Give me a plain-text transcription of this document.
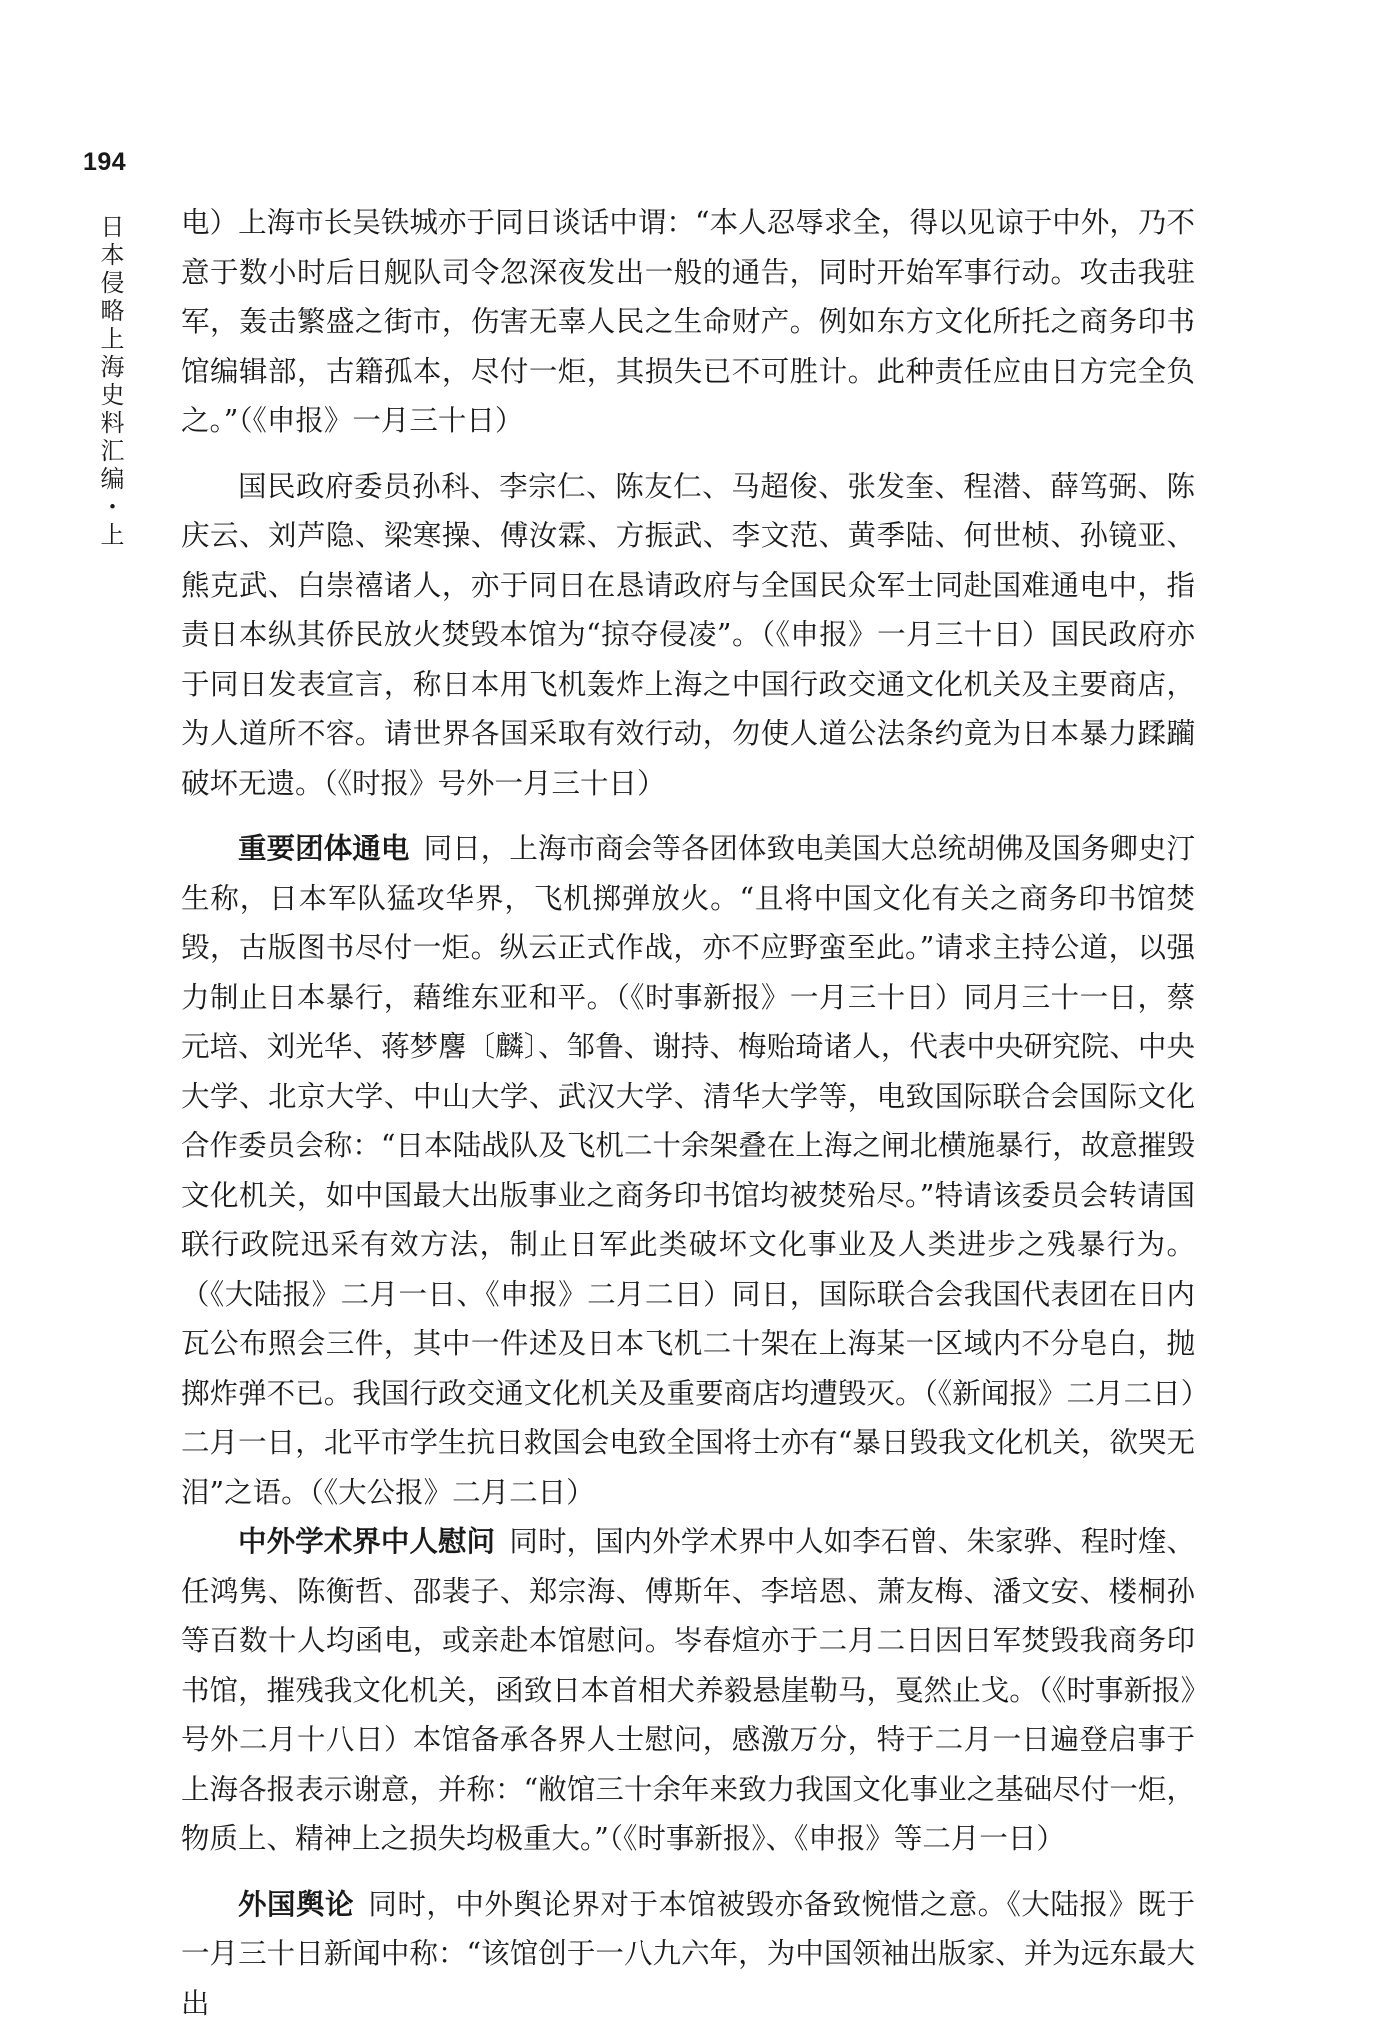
194
日本侵略上海史料汇编・上 电）上海市长吴铁城亦于同日谈话中谓：“本人忍辱求全，得以见谅于中外，乃不意于数小时后日舰队司令忽深夜发出一般的通告，同时开始军事行动。攻击我驻军，轰击繁盛之街市，伤害无辜人民之生命财产。例如东方文化所托之商务印书馆编辑部，古籍孤本，尽付一炬，其损失已不可胜计。此种责任应由日方完全负之。”（《申报》一月三十日）

国民政府委员孙科、李宗仁、陈友仁、马超俊、张发奎、程潜、薛笃弼、陈庆云、刘芦隐、梁寒操、傅汝霖、方振武、李文范、黄季陆、何世桢、孙镜亚、熊克武、白崇禧诸人，亦于同日在恳请政府与全国民众军士同赴国难通电中，指责日本纵其侨民放火焚毁本馆为“掠夺侵凌”。（《申报》一月三十日）国民政府亦于同日发表宣言，称日本用飞机轰炸上海之中国行政交通文化机关及主要商店，为人道所不容。请世界各国采取有效行动，勿使人道公法条约竟为日本暴力蹂躏破坏无遗。（《时报》号外一月三十日）

重要团体通电 同日，上海市商会等各团体致电美国大总统胡佛及国务卿史汀生称，日本军队猛攻华界，飞机掷弹放火。“且将中国文化有关之商务印书馆焚毁，古版图书尽付一炬。纵云正式作战，亦不应野蛮至此。”请求主持公道，以强力制止日本暴行，藉维东亚和平。（《时事新报》一月三十日）同月三十一日，蔡元培、刘光华、蒋梦麐〔麟〕、邹鲁、谢持、梅贻琦诸人，代表中央研究院、中央大学、北京大学、中山大学、武汉大学、清华大学等，电致国际联合会国际文化合作委员会称：“日本陆战队及飞机二十余架叠在上海之闸北横施暴行，故意摧毁文化机关，如中国最大出版事业之商务印书馆均被焚殆尽。”特请该委员会转请国联行政院迅采有效方法，制止日军此类破坏文化事业及人类进步之残暴行为。（《大陆报》二月一日、《申报》二月二日）同日，国际联合会我国代表团在日内瓦公布照会三件，其中一件述及日本飞机二十架在上海某一区域内不分皂白，抛掷炸弹不已。我国行政交通文化机关及重要商店均遭毁灭。（《新闻报》二月二日）二月一日，北平市学生抗日救国会电致全国将士亦有“暴日毁我文化机关，欲哭无泪”之语。（《大公报》二月二日）

中外学术界中人慰问 同时，国内外学术界中人如李石曾、朱家骅、程时煃、任鸿隽、陈衡哲、邵裴子、郑宗海、傅斯年、李培恩、萧友梅、潘文安、楼桐孙等百数十人均函电，或亲赴本馆慰问。岑春煊亦于二月二日因日军焚毁我商务印书馆，摧残我文化机关，函致日本首相犬养毅悬崖勒马，戛然止戈。（《时事新报》号外二月十八日）本馆备承各界人士慰问，感激万分，特于二月一日遍登启事于上海各报表示谢意，并称：“敝馆三十余年来致力我国文化事业之基础尽付一炬，物质上、精神上之损失均极重大。”（《时事新报》、《申报》等二月一日）

外国舆论 同时，中外舆论界对于本馆被毁亦备致惋惜之意。《大陆报》既于一月三十日新闻中称：“该馆创于一八九六年，为中国领袖出版家、并为远东最大出
